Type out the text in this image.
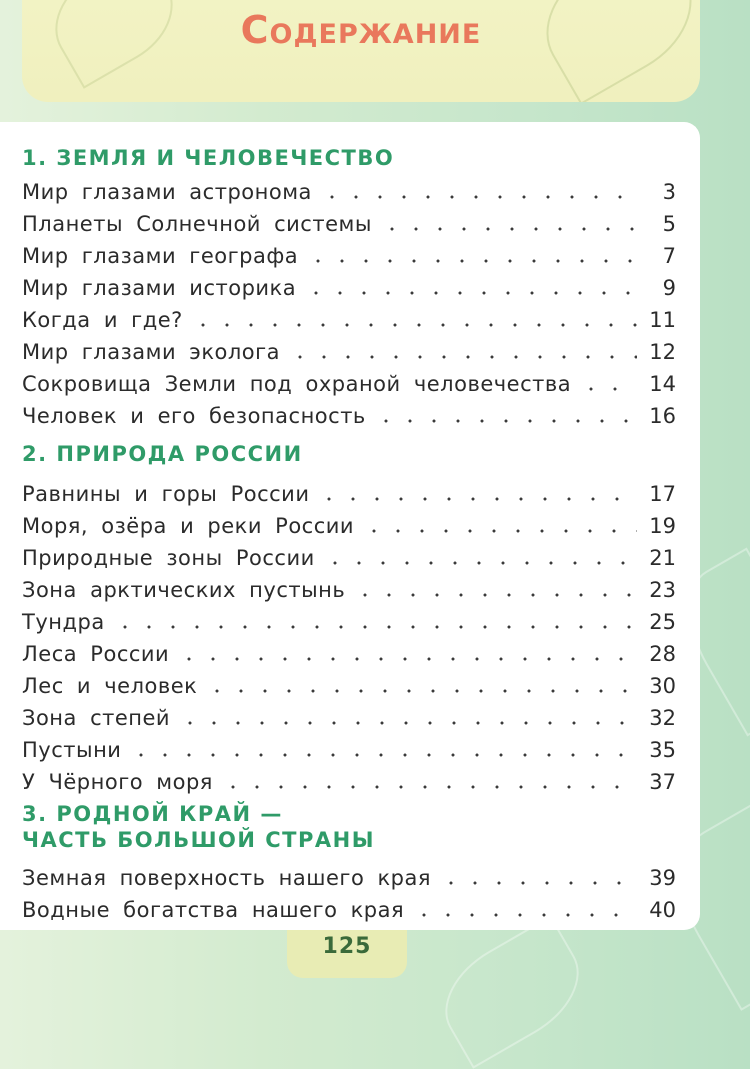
Содержание
1. ЗЕМЛЯ И ЧЕЛОВЕЧЕСТВО
Мир глазами астронома	3
Планеты Солнечной системы	5
Мир глазами географа	7
Мир глазами историка	9
Когда и где?	11
Мир глазами эколога	12
Сокровища Земли под охраной человечества	14
Человек и его безопасность	16
2. ПРИРОДА РОССИИ
Равнины и горы России	17
Моря, озёра и реки России	19
Природные зоны России	21
Зона арктических пустынь	23
Тундра	25
Леса России	28
Лес и человек	30
Зона степей	32
Пустыни	35
У Чёрного моря	37
3. РОДНОЙ КРАЙ —
ЧАСТЬ БОЛЬШОЙ СТРАНЫ
Земная поверхность нашего края	39
Водные богатства нашего края	40
125
